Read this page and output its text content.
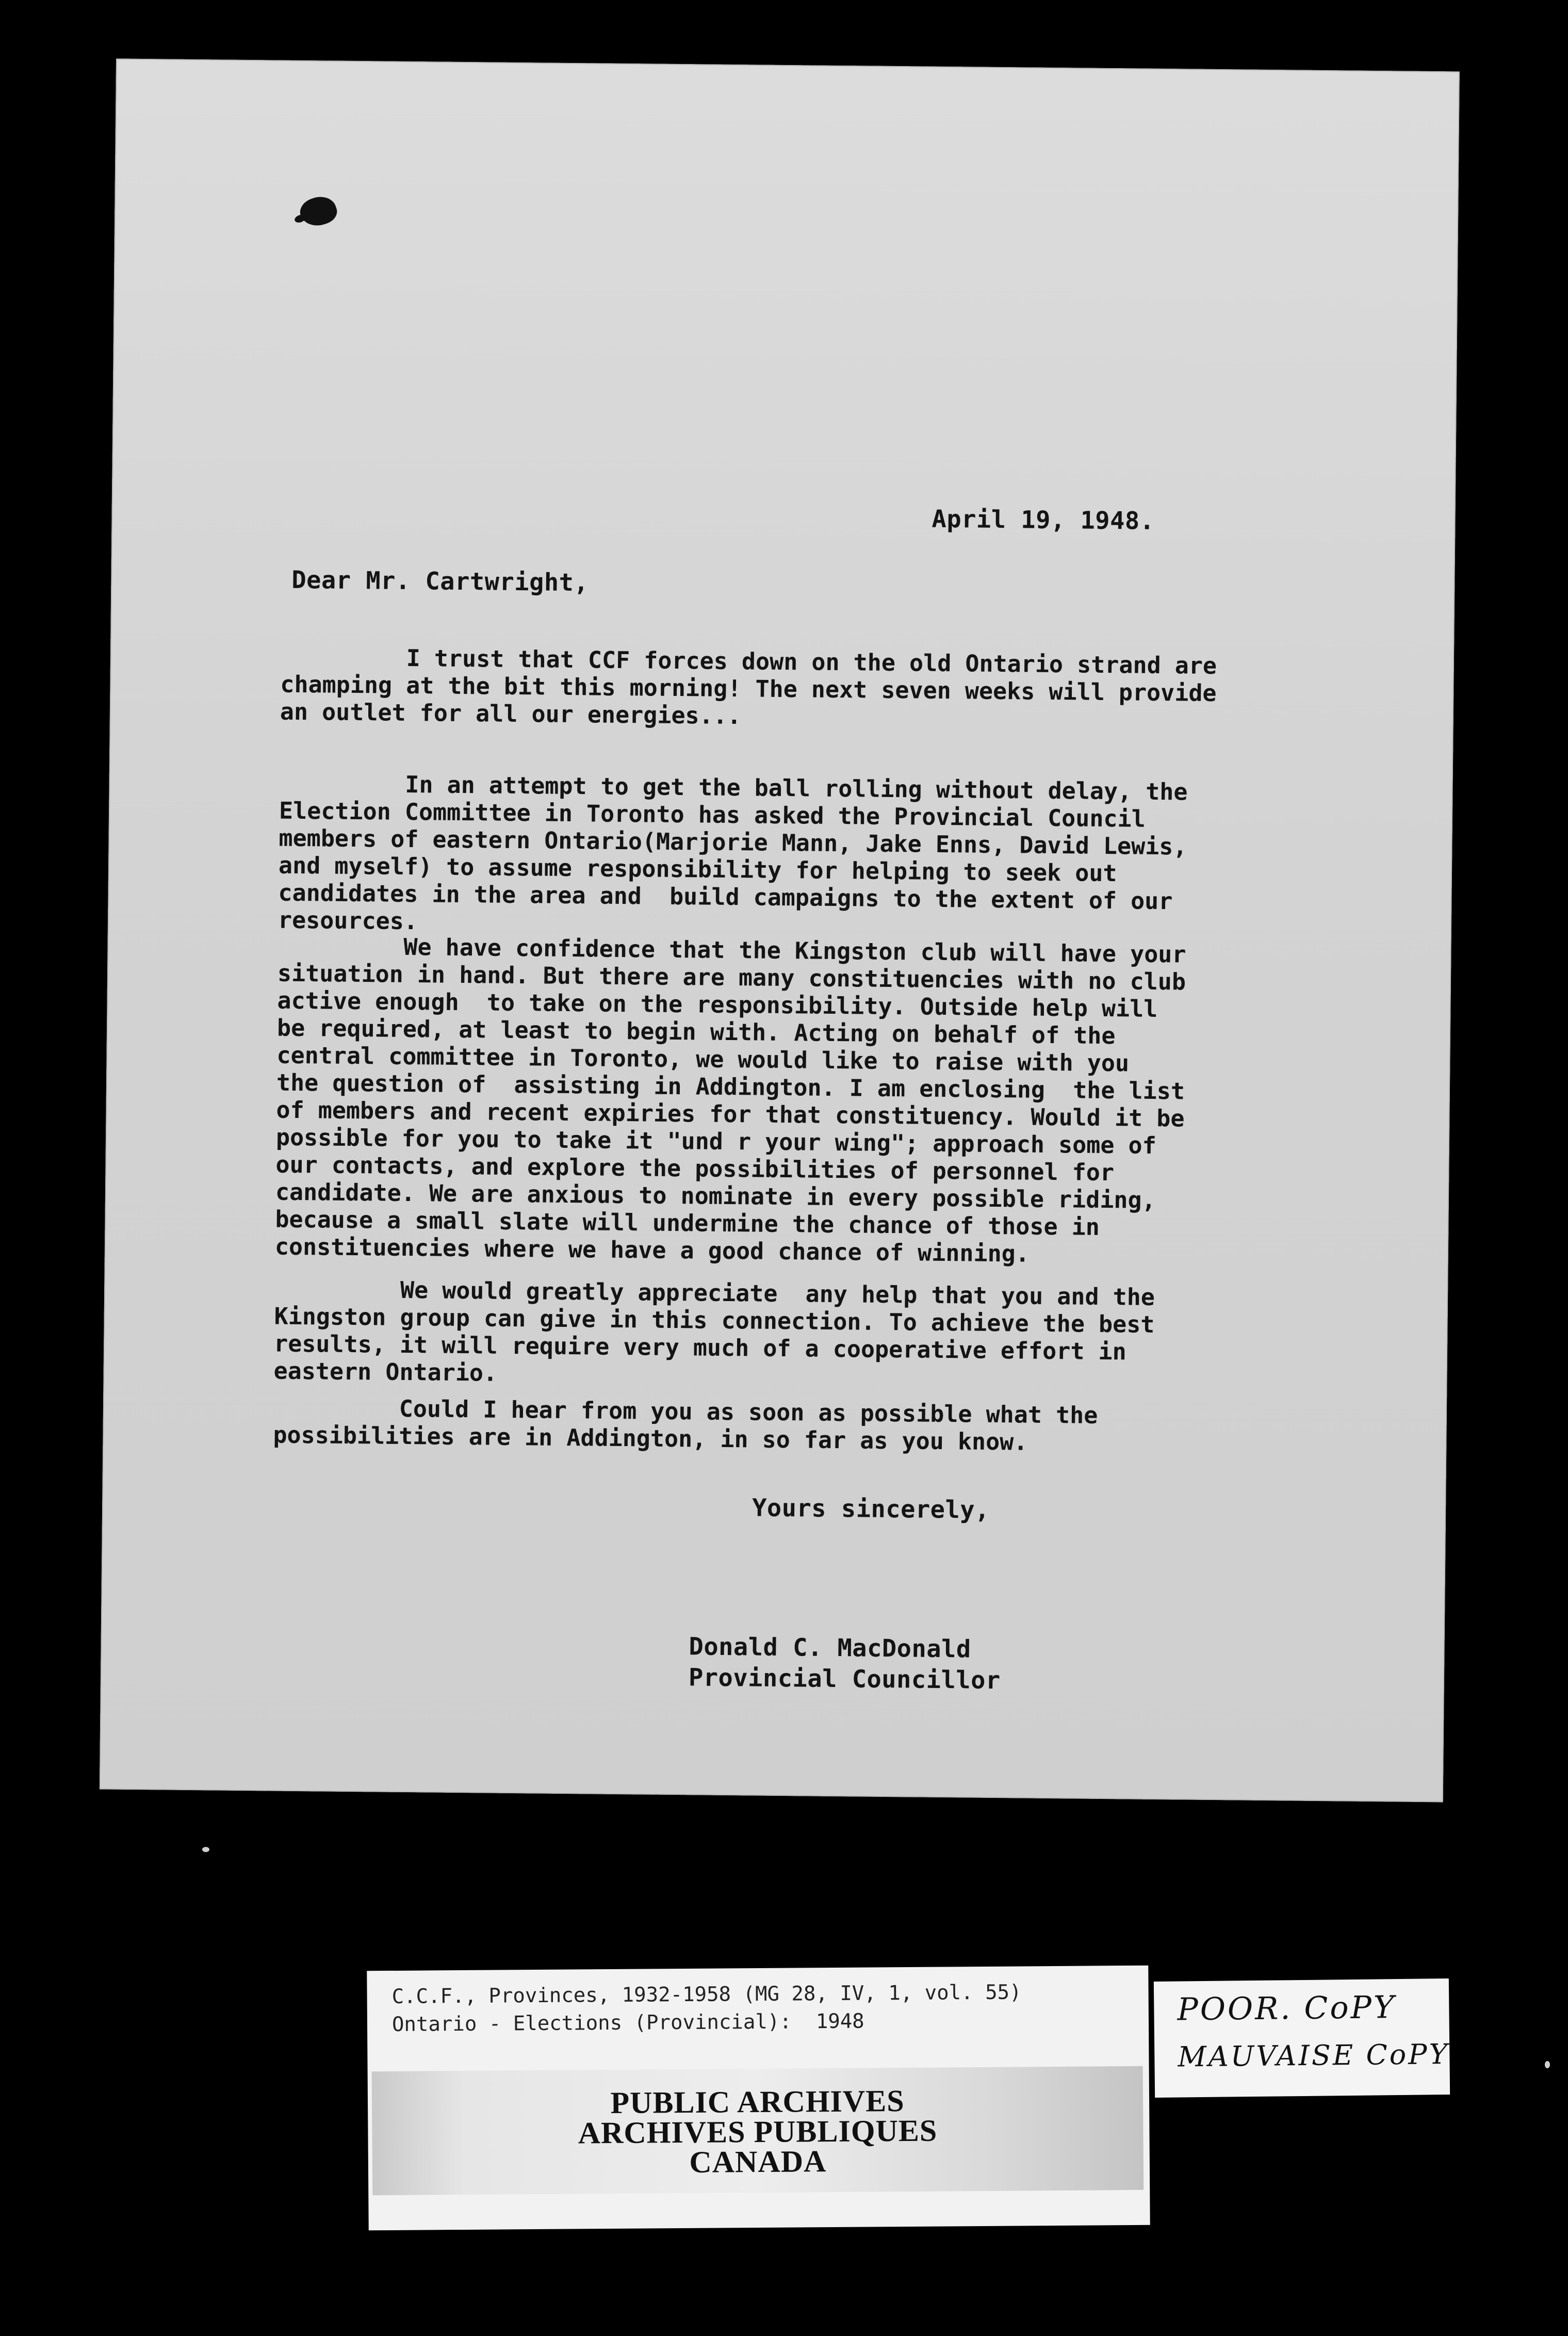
April 19, 1948.
Dear Mr. Cartwright,
I trust that CCF forces down on the old Ontario strand are
champing at the bit this morning! The next seven weeks will provide
an outlet for all our energies...
In an attempt to get the ball rolling without delay, the
Election Committee in Toronto has asked the Provincial Council
members of eastern Ontario(Marjorie Mann, Jake Enns, David Lewis,
and myself) to assume responsibility for helping to seek out
candidates in the area and  build campaigns to the extent of our
resources.
We have confidence that the Kingston club will have your
situation in hand. But there are many constituencies with no club
active enough  to take on the responsibility. Outside help will
be required, at least to begin with. Acting on behalf of the
central committee in Toronto, we would like to raise with you
the question of  assisting in Addington. I am enclosing  the list
of members and recent expiries for that constituency. Would it be
possible for you to take it "und r your wing"; approach some of
our contacts, and explore the possibilities of personnel for
candidate. We are anxious to nominate in every possible riding,
because a small slate will undermine the chance of those in
constituencies where we have a good chance of winning.
We would greatly appreciate  any help that you and the
Kingston group can give in this connection. To achieve the best
results, it will require very much of a cooperative effort in
eastern Ontario.
Could I hear from you as soon as possible what the
possibilities are in Addington, in so far as you know.
Yours sincerely,
Donald C. MacDonald
Provincial Councillor
C.C.F., Provinces, 1932-1958 (MG 28, IV, 1, vol. 55)
Ontario - Elections (Provincial):  1948
PUBLIC ARCHIVES
ARCHIVES PUBLIQUES
CANADA
POOR. CoPY
MAUVAISE CoPY
